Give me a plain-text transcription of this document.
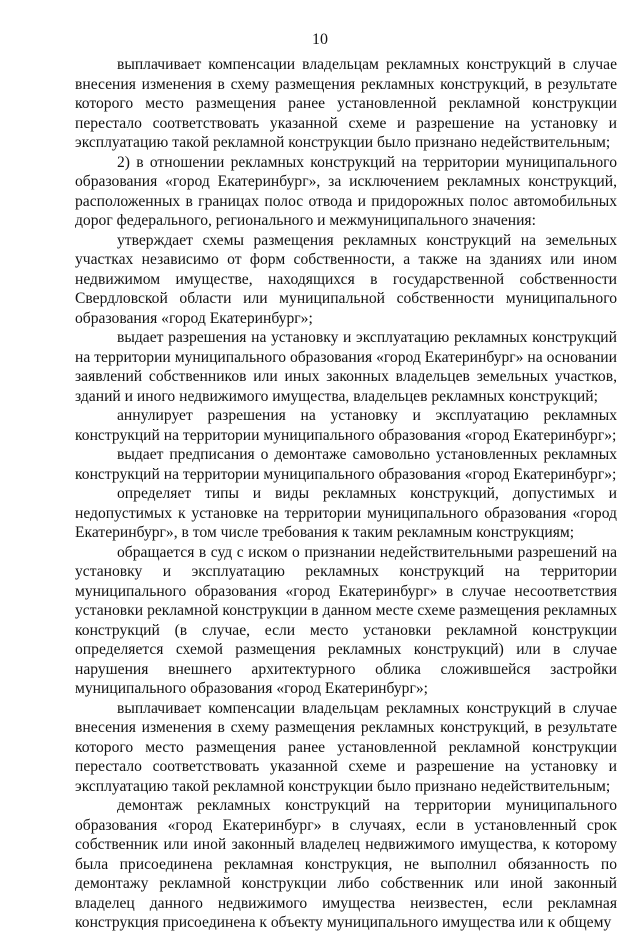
10

выплачивает компенсации владельцам рекламных конструкций в случае внесения изменения в схему размещения рекламных конструкций, в результате которого место размещения ранее установленной рекламной конструкции перестало соответствовать указанной схеме и разрешение на установку и эксплуатацию такой рекламной конструкции было признано недействительным;

2) в отношении рекламных конструкций на территории муниципального образования «город Екатеринбург», за исключением рекламных конструкций, расположенных в границах полос отвода и придорожных полос автомобильных дорог федерального, регионального и межмуниципального значения:

утверждает схемы размещения рекламных конструкций на земельных участках независимо от форм собственности, а также на зданиях или ином недвижимом имуществе, находящихся в государственной собственности Свердловской области или муниципальной собственности муниципального образования «город Екатеринбург»;

выдает разрешения на установку и эксплуатацию рекламных конструкций на территории муниципального образования «город Екатеринбург» на основании заявлений собственников или иных законных владельцев земельных участков, зданий и иного недвижимого имущества, владельцев рекламных конструкций;

аннулирует разрешения на установку и эксплуатацию рекламных конструкций на территории муниципального образования «город Екатеринбург»;

выдает предписания о демонтаже самовольно установленных рекламных конструкций на территории муниципального образования «город Екатеринбург»;

определяет типы и виды рекламных конструкций, допустимых и недопустимых к установке на территории муниципального образования «город Екатеринбург», в том числе требования к таким рекламным конструкциям;

обращается в суд с иском о признании недействительными разрешений на установку и эксплуатацию рекламных конструкций на территории муниципального образования «город Екатеринбург» в случае несоответствия установки рекламной конструкции в данном месте схеме размещения рекламных конструкций (в случае, если место установки рекламной конструкции определяется схемой размещения рекламных конструкций) или в случае нарушения внешнего архитектурного облика сложившейся застройки муниципального образования «город Екатеринбург»;

выплачивает компенсации владельцам рекламных конструкций в случае внесения изменения в схему размещения рекламных конструкций, в результате которого место размещения ранее установленной рекламной конструкции перестало соответствовать указанной схеме и разрешение на установку и эксплуатацию такой рекламной конструкции было признано недействительным;

демонтаж рекламных конструкций на территории муниципального образования «город Екатеринбург» в случаях, если в установленный срок собственник или иной законный владелец недвижимого имущества, к которому была присоединена рекламная конструкция, не выполнил обязанность по демонтажу рекламной конструкции либо собственник или иной законный владелец данного недвижимого имущества неизвестен, если рекламная конструкция присоединена к объекту муниципального имущества или к общему
